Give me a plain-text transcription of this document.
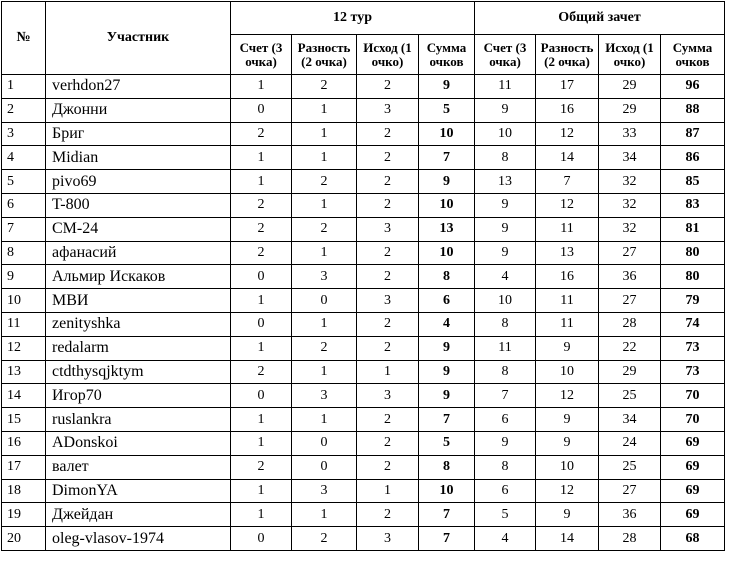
№	Участник	12 тур				Общий зачет			
		Счет (3 очка)	Разность (2 очка)	Исход (1 очко)	Сумма очков	Счет (3 очка)	Разность (2 очка)	Исход (1 очко)	Сумма очков
1	verhdon27	1	2	2	9	11	17	29	96
2	Джонни	0	1	3	5	9	16	29	88
3	Бриг	2	1	2	10	10	12	33	87
4	Midian	1	1	2	7	8	14	34	86
5	pivo69	1	2	2	9	13	7	32	85
6	T-800	2	1	2	10	9	12	32	83
7	CM-24	2	2	3	13	9	11	32	81
8	афанасий	2	1	2	10	9	13	27	80
9	Альмир Искаков	0	3	2	8	4	16	36	80
10	МВИ	1	0	3	6	10	11	27	79
11	zenityshka	0	1	2	4	8	11	28	74
12	redalarm	1	2	2	9	11	9	22	73
13	ctdthysqjktym	2	1	1	9	8	10	29	73
14	Игор70	0	3	3	9	7	12	25	70
15	ruslankra	1	1	2	7	6	9	34	70
16	ADonskoi	1	0	2	5	9	9	24	69
17	валет	2	0	2	8	8	10	25	69
18	DimonYA	1	3	1	10	6	12	27	69
19	Джейдан	1	1	2	7	5	9	36	69
20	oleg-vlasov-1974	0	2	3	7	4	14	28	68
